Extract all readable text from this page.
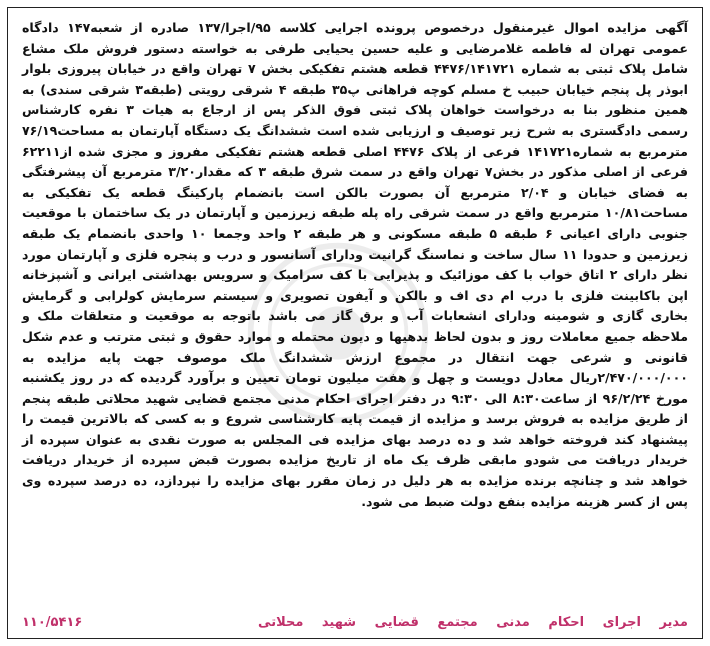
آگهی مزایده اموال غیرمنقول درخصوص پرونده اجرایی کلاسه ۹۵/اجرا/۱۳۷ صادره از شعبه۱۴۷ دادگاه عمومی تهران له فاطمه غلامرضایی و علیه حسین یحیایی طرفی به خواسته دستور فروش ملک مشاع شامل پلاک ثبتی به شماره ۴۴۷۶/۱۴۱۷۲۱ قطعه هشتم تفکیکی بخش ۷ تهران واقع در خیابان پیروزی بلوار ابوذر پل پنجم خیابان حبیب خ مسلم کوچه فراهانی پ۳۵ طبقه ۴ شرقی رویتی (طبقه۳ شرقی سندی) به همین منظور بنا به درخواست خواهان پلاک ثبتی فوق الذکر پس از ارجاع به هیات ۳ نفره کارشناس رسمی دادگستری به شرح زیر توصیف و ارزیابی شده است ششدانگ یک دستگاه آپارتمان به مساحت۷۶/۱۹ مترمربع به شماره۱۴۱۷۲۱ فرعی از پلاک ۴۴۷۶ اصلی قطعه هشتم تفکیکی مفروز و مجزی شده از۶۲۲۱۱ فرعی از اصلی مذکور در بخش۷ تهران واقع در سمت شرق طبقه ۳ که مقدار۳/۲۰ مترمربع آن پیشرفتگی به فضای خیابان و ۲/۰۴ مترمربع آن بصورت بالکن است بانضمام پارکینگ قطعه یک تفکیکی به مساحت۱۰/۸۱ مترمربع واقع در سمت شرقی راه پله طبقه زیرزمین و آپارتمان در یک ساختمان با موقعیت جنوبی دارای اعیانی ۶ طبقه ۵ طبقه مسکونی و هر طبقه ۲ واحد وجمعا ۱۰ واحدی بانضمام یک طبقه زیرزمین و حدودا ۱۱ سال ساخت و نماسنگ گرانیت ودارای آسانسور و درب و پنجره فلزی و آپارتمان مورد نظر دارای ۲ اتاق خواب با کف موزائیک و پذیرایی با کف سرامیک و سرویس بهداشتی ایرانی و آشپزخانه اپن باکابینت فلزی با درب ام دی اف و بالکن و آیفون تصویری و سیستم سرمایش کولرابی و گرمایش بخاری گازی و شومینه ودارای انشعابات آب و برق گاز می باشد باتوجه به موقعیت و متعلقات ملک و ملاحظه جمیع معاملات روز و بدون لحاظ بدهیها و دیون محتمله و موارد حقوق و ثبتی مترتب و عدم شکل قانونی و شرعی جهت انتقال در مجموع ارزش ششدانگ ملک موصوف جهت پایه مزایده به ۲/۴۷۰/۰۰۰/۰۰۰ریال معادل دویست و چهل و هفت میلیون تومان تعیین و برآورد گردیده که در روز یکشنبه مورخ ۹۶/۲/۲۴ از ساعت۸:۳۰ الی ۹:۳۰ در دفتر اجرای احکام مدنی مجتمع قضایی شهید محلاتی طبقه پنجم از طریق مزایده به فروش برسد و مزایده از قیمت پایه کارشناسی شروع و به کسی که بالاترین قیمت را پیشنهاد کند فروخته خواهد شد و ده درصد بهای مزایده فی المجلس به صورت نقدی به عنوان سپرده از خریدار دریافت می شودو مابقی ظرف یک ماه از تاریخ مزایده بصورت قبض سپرده از خریدار دریافت خواهد شد و چنانچه برنده مزایده به هر دلیل در زمان مقرر بهای مزایده را نپردازد، ده درصد سپرده وی پس از کسر هزینه مزایده بنفع دولت ضبط می شود.

مدیر اجرای احکام مدنی مجتمع قضایی شهید محلاتی
۱۱۰/۵۴۱۶
